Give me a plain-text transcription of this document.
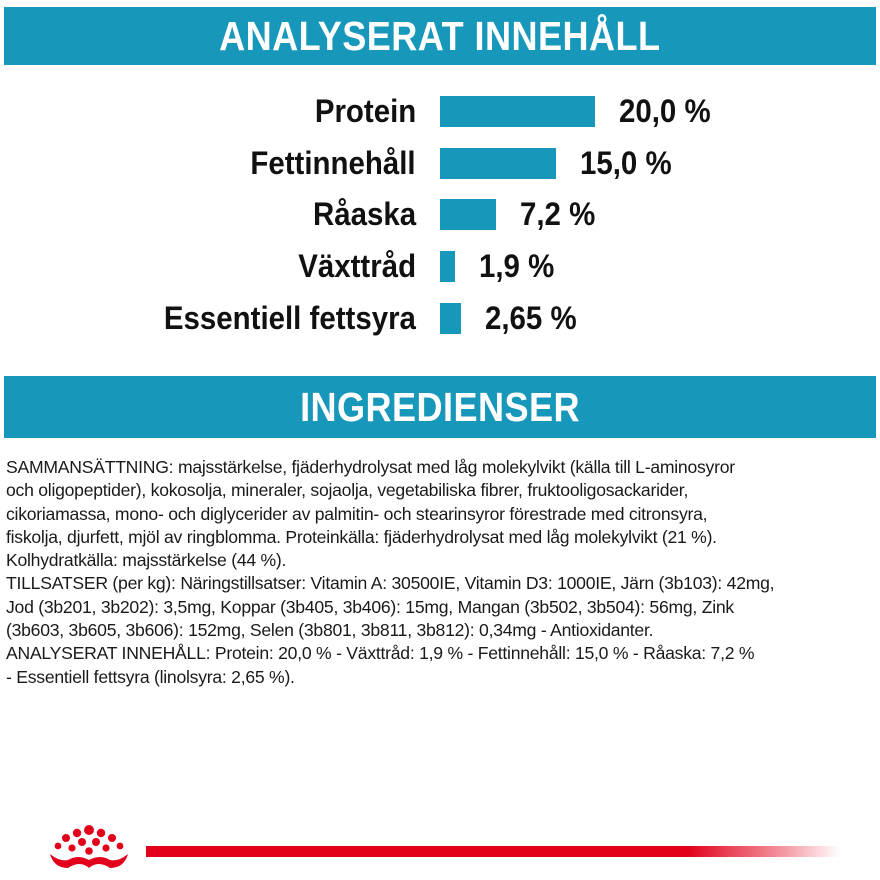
ANALYSERAT INNEHÅLL
Protein	20,0 %
Fettinnehåll	15,0 %
Råaska	7,2 %
Växttråd 1,9 %
Essentiell fettsyra 2,65 %
INGREDIENSER
SAMMANSÄTTNING: majsstärkelse, fjäderhydrolysat med låg molekylvikt (källa till L-aminosyror
och oligopeptider), kokosolja, mineraler, sojaolja, vegetabiliska fibrer, fruktooligosackarider,
cikoriamassa, mono- och diglycerider av palmitin- och stearinsyror förestrade med citronsyra,
fiskolja, djurfett, mjöl av ringblomma. Proteinkälla: fjäderhydrolysat med låg molekylvikt (21 %).
Kolhydratkälla: majsstärkelse (44 %).
TILLSATSER (per kg): Näringstillsatser: Vitamin A: 30500IE, Vitamin D3: 1000IE, Järn (3b103): 42mg,
Jod (3b201, 3b202): 3,5mg, Koppar (3b405, 3b406): 15mg, Mangan (3b502, 3b504): 56mg, Zink
(3b603, 3b605, 3b606): 152mg, Selen (3b801, 3b811, 3b812): 0,34mg - Antioxidanter.
ANALYSERAT INNEHÅLL: Protein: 20,0 % - Växttråd: 1,9 % - Fettinnehåll: 15,0 % - Råaska: 7,2 %
- Essentiell fettsyra (linolsyra: 2,65 %).
